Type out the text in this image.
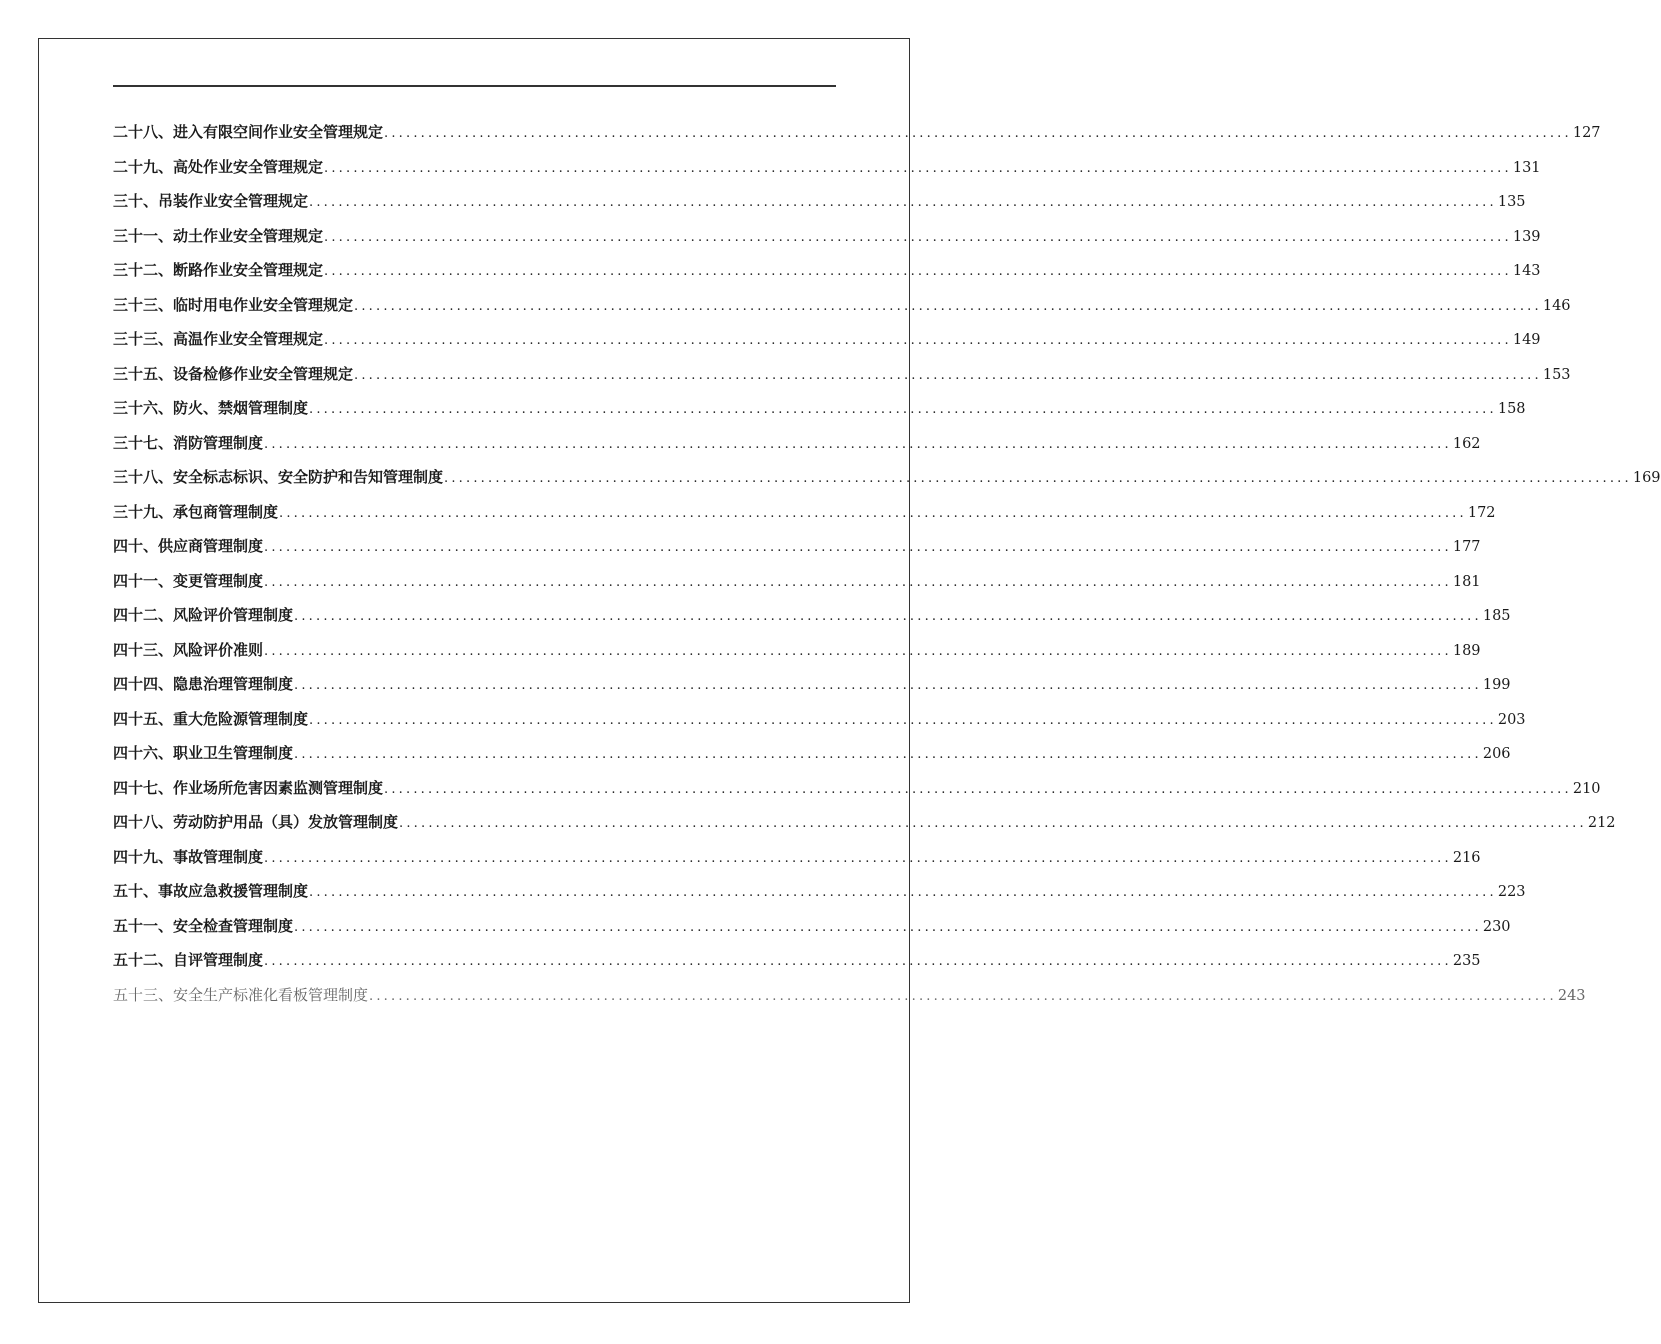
二十八、进入有限空间作业安全管理规定 .................................................................................................................................................................. 127
二十九、高处作业安全管理规定 .................................................................................................................................................................. 131
三十、吊装作业安全管理规定 .................................................................................................................................................................. 135
三十一、动土作业安全管理规定 .................................................................................................................................................................. 139
三十二、断路作业安全管理规定 .................................................................................................................................................................. 143
三十三、临时用电作业安全管理规定 .................................................................................................................................................................. 146
三十三、高温作业安全管理规定 .................................................................................................................................................................. 149
三十五、设备检修作业安全管理规定 .................................................................................................................................................................. 153
三十六、防火、禁烟管理制度 .................................................................................................................................................................. 158
三十七、消防管理制度 .................................................................................................................................................................. 162
三十八、安全标志标识、安全防护和告知管理制度 .................................................................................................................................................................. 169
三十九、承包商管理制度 .................................................................................................................................................................. 172
四十、供应商管理制度 .................................................................................................................................................................. 177
四十一、变更管理制度 .................................................................................................................................................................. 181
四十二、风险评价管理制度 .................................................................................................................................................................. 185
四十三、风险评价准则 .................................................................................................................................................................. 189
四十四、隐患治理管理制度 .................................................................................................................................................................. 199
四十五、重大危险源管理制度 .................................................................................................................................................................. 203
四十六、职业卫生管理制度 .................................................................................................................................................................. 206
四十七、作业场所危害因素监测管理制度 .................................................................................................................................................................. 210
四十八、劳动防护用品（具）发放管理制度 .................................................................................................................................................................. 212
四十九、事故管理制度 .................................................................................................................................................................. 216
五十、事故应急救援管理制度 .................................................................................................................................................................. 223
五十一、安全检查管理制度 .................................................................................................................................................................. 230
五十二、自评管理制度 .................................................................................................................................................................. 235
五十三、安全生产标准化看板管理制度 .................................................................................................................................................................. 243
